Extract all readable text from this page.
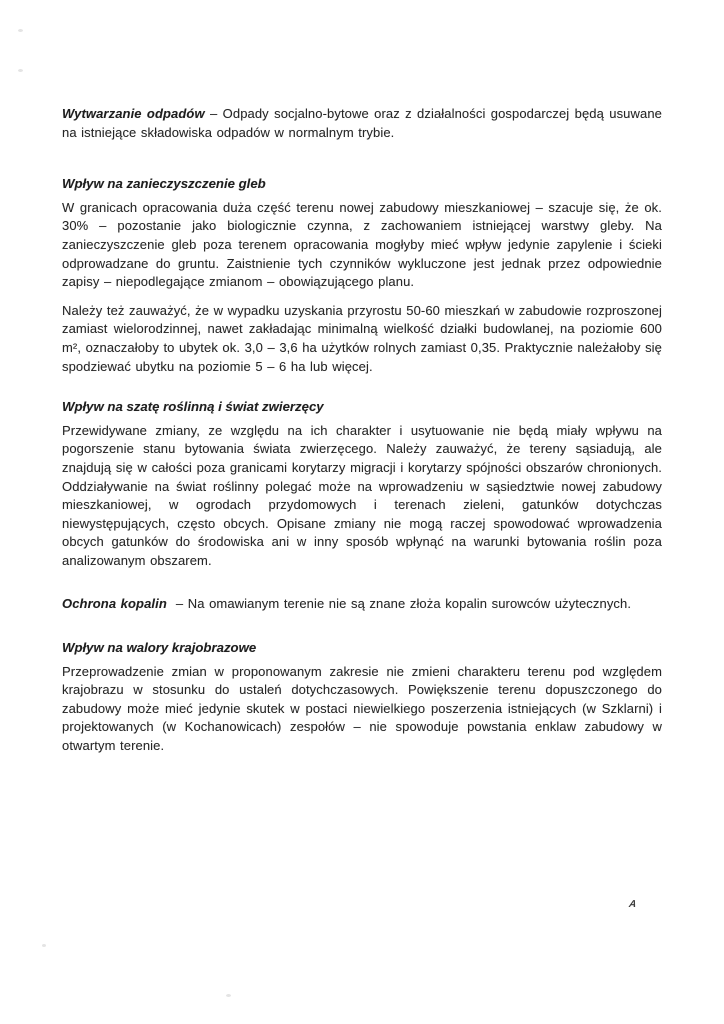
Wytwarzanie odpadów – Odpady socjalno-bytowe oraz z działalności gospodarczej będą usuwane na istniejące składowiska odpadów w normalnym trybie.

Wpływ na zanieczyszczenie gleb

W granicach opracowania duża część terenu nowej zabudowy mieszkaniowej – szacuje się, że ok. 30% – pozostanie jako biologicznie czynna, z zachowaniem istniejącej warstwy gleby. Na zanieczyszczenie gleb poza terenem opracowania mogłyby mieć wpływ jedynie zapylenie i ścieki odprowadzane do gruntu. Zaistnienie tych czynników wykluczone jest jednak przez odpowiednie zapisy – niepodlegające zmianom – obowiązującego planu.

Należy też zauważyć, że w wypadku uzyskania przyrostu 50-60 mieszkań w zabudowie rozproszonej zamiast wielorodzinnej, nawet zakładając minimalną wielkość działki budowlanej, na poziomie 600 m², oznaczałoby to ubytek ok. 3,0 – 3,6 ha użytków rolnych zamiast 0,35. Praktycznie należałoby się spodziewać ubytku na poziomie 5 – 6 ha lub więcej.

Wpływ na szatę roślinną i świat zwierzęcy

Przewidywane zmiany, ze względu na ich charakter i usytuowanie nie będą miały wpływu na pogorszenie stanu bytowania świata zwierzęcego. Należy zauważyć, że tereny sąsiadują, ale znajdują się w całości poza granicami korytarzy migracji i korytarzy spójności obszarów chronionych. Oddziaływanie na świat roślinny polegać może na wprowadzeniu w sąsiedztwie nowej zabudowy mieszkaniowej, w ogrodach przydomowych i terenach zieleni, gatunków dotychczas niewystępujących, często obcych. Opisane zmiany nie mogą raczej spowodować wprowadzenia obcych gatunków do środowiska ani w inny sposób wpłynąć na warunki bytowania roślin poza analizowanym obszarem.

Ochrona kopalin – Na omawianym terenie nie są znane złoża kopalin surowców użytecznych.

Wpływ na walory krajobrazowe

Przeprowadzenie zmian w proponowanym zakresie nie zmieni charakteru terenu pod względem krajobrazu w stosunku do ustaleń dotychczasowych. Powiększenie terenu dopuszczonego do zabudowy może mieć jedynie skutek w postaci niewielkiego poszerzenia istniejących (w Szklarni) i projektowanych (w Kochanowicach) zespołów – nie spowoduje powstania enklaw zabudowy w otwartym terenie.

A
